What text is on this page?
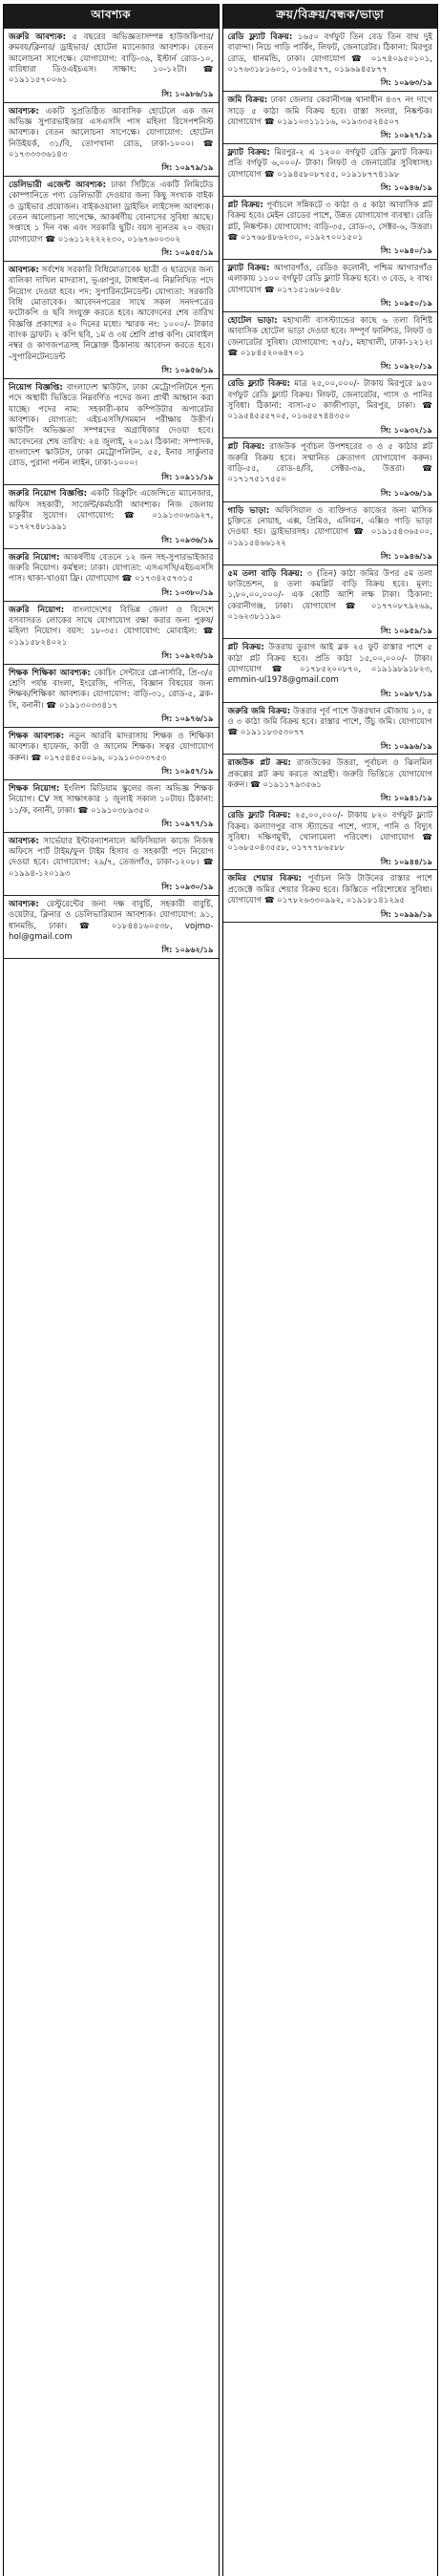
আবশ্যক
জরুরি আবশ্যক: ৫ বছরের অভিজ্ঞতাসম্পন্ন হাউজকিপার/ রুমবয়/ক্লিনার/ ড্রাইভার/ হোটেল ম্যানেজার আবশ্যক। বেতন আলোচনা সাপেক্ষে। যোগাযোগ: বাড়ি-৩৯, ইস্টার্ন রোড-১০, বারিধারা ডিওএইচএস। সাক্ষাৎ: ১০-১২টা। ☎ ০১৯১১৫৭০০৬১
সি: ১০৯৮৬/১৯
আবশ্যক: একটি সুপ্রতিষ্ঠিত আবাসিক হোটেলে এক জন অভিজ্ঞ সুপারভাইজার এসএসসি পাস মহিলা রিসেপশনিস্ট আবশ্যক। বেতন আলোচনা সাপেক্ষে। যোগাযোগ: হোটেল নিউইয়র্ক, ৩১/বি, তোপখানা রোড, ঢাকা-১০০০। ☎ ০১৭৩৩৩৩৬১৪৩
সি: ১০৯৭৯/১৯
ডেলিভারী এজেন্ট আবশ্যক: ঢাকা সিটিতে একটি লিমিটেড কোম্পানিতে পণ্য ডেলিভারী দেওয়ার জন্য কিছু সংখ্যক বাইক ও ড্রাইভার প্রয়োজন। বাইকওয়ালা ড্রাইভিং লাইসেন্স আবশ্যক। বেতন আলোচনা সাপেক্ষে, আকর্ষণীয় বোনাসের সুবিধা আছে। সপ্তাহে ১ দিন বন্ধ এবং সরকারি ছুটি। বয়স ন্যূনতম ২০ বছর। যোগাযোগ ☎ ০১৬১১২২২২২৩০, ০১৬৭৬০০৩০২
সি: ১০৯৫৫/১৯
আবশ্যক: সর্বশেষ সরকারি বিধিমোতাবেক ছাত্রী ও ছাত্রদের জন্য বালিকা দাখিল মাদরাসা, ভূঞাপুর, টাঙ্গাইল-এ নিম্নলিখিত পদে নিয়োগ দেওয়া হবে। পদ: সুপারিনটেনডেন্ট। যোগ্যতা: সরকারি বিধি মোতাবেক। আবেদনপত্রের সাথে সকল সনদপত্রের ফটোকপি ও ছবি সংযুক্ত করতে হবে। আবেদনের শেষ তারিখ বিজ্ঞপ্তি প্রকাশের ২০ দিনের মধ্যে। স্মারক নং: ১০০০/- টাকার ব্যাংক ড্রাফট। ২ কপি ছবি, ১ম ও ৩য় শ্রেণি প্রাপ্ত কপি। মোবাইল নম্বর ও কাগজপত্রসহ নিম্নোক্ত ঠিকানায় আবেদন করতে হবে। -সুপারিনটেনডেন্ট
সি: ১০৯৫৬/১৯
নিয়োগ বিজ্ঞপ্তি: বাংলাদেশ স্কাউটস, ঢাকা মেট্রোপলিটনে শূন্য পদে অস্থায়ী ভিত্তিতে নিম্নবর্ণিত পদের জন্য প্রার্থী আহ্বান করা যাচ্ছে। পদের নাম: সহকারী-কাম কম্পিউটার অপারেটর আবশ্যক। যোগ্যতা: এইচএসসি/সমমান পরীক্ষায় উত্তীর্ণ। স্কাউটিং অভিজ্ঞতা সম্পন্নদের অগ্রাধিকার দেওয়া হবে। আবেদনের শেষ তারিখ: ২৪ জুলাই, ২০১৯। ঠিকানা: সম্পাদক, বাংলাদেশ স্কাউটস, ঢাকা মেট্রোপলিটন, ৫৫, ইনার সার্কুলার রোড, পুরানা পল্টন লাইন, ঢাকা-১০০০।
সি: ১০৯১১/১৯
জরুরি নিয়োগ বিজ্ঞপ্তি: একটি রিক্রুটিং এজেন্সিতে ম্যানেজার, অফিস সহকারী, সার্জেন্ট/কর্মচারী আবশ্যক। নিজ জেলায় চাকুরীর সুযোগ। যোগাযোগ: ☎ ০১৯১৩০৬৩৯২৭, ০১৭২৭৪৮১৯৯১
সি: ১০৯৩৬/১৯
জরুরি নিয়োগ: আকর্ষণীয় বেতনে ১২ জন সহ-সুপারভাইজার জরুরি নিয়োগ। কর্মস্থল: ঢাকা। যোগ্যতা: এসএসসি/এইচএসসি পাস। থাকা-খাওয়া ফ্রি। যোগাযোগ ☎ ০১৭৩৪২৫৭৩১৫
সি: ১০৩৮০/১৯
জরুরি নিয়োগ: বাংলাদেশের বিভিন্ন জেলা ও বিদেশে বসবাসরত লোকের সাথে যোগাযোগ রক্ষা করার জন্য পুরুষ/মহিলা নিয়োগ। বয়স: ১৮-৩৫। যোগাযোগ: মোবাইল: ☎ ০১৯১৫৮২৪০২১
সি: ১০৯২৩/১৯
শিক্ষক শিক্ষিকা আবশ্যক: কোচিং সেন্টারে প্লে-নার্সারি, প্রি-৩/৫ শ্রেণি পর্যন্ত বাংলা, ইংরেজি, গণিত, বিজ্ঞান বিষয়ের জন্য শিক্ষক/শিক্ষিকা আবশ্যক। যোগাযোগ: বাড়ি-৩১, রোড-৫, ব্লক-সি, বনানী। ☎ ০১৯১৩০৩৩৪১৭
সি: ১০৯৭৬/১৯
শিক্ষক আবশ্যক: নতুন আরবি মাদরাসায় শিক্ষক ও শিক্ষিকা আবশ্যক। হাফেজ, কারী ও আলেম শিক্ষক। সত্বর যোগাযোগ করুন। ☎ ০১৭৫৪৪৫০০৯৬, ০১৯১০৩০৩৭৫৩
সি: ১০৯৫৭/১৯
শিক্ষক নিয়োগ: ইংলিশ মিডিয়াম স্কুলের জন্য অভিজ্ঞ শিক্ষক নিয়োগ। CV সহ সাক্ষাৎকার ১ জুলাই সকাল ১০টায়। ঠিকানা: ১১/ক, বনানী, ঢাকা। ☎ ০১৯১০৩৮৯৩৫০
সি: ১০৯৭৭/১৯
আবশ্যক: সার্ভেয়ার ইন্টারন্যাশনালে অফিসিয়াল কাজে নিজস্ব অফিসে পার্ট টাইম/ফুল টাইম হিসাব ও সহকারী পদে নিয়োগ দেওয়া হবে। যোগাযোগ: ২৯/৭, তেজগাঁও, ঢাকা-১২০৮। ☎ ০১৯৯৪-১২০১৯৩
সি: ১০৯৩০/১৯
আবশ্যক: রেস্টুরেন্টের জন্য দক্ষ বাবুর্চি, সহকারী বাবুর্চি, ওয়েটার, ক্লিনার ও ডেলিভারিম্যান আবশ্যক। যোগাযোগ: ৯১, ধানমন্ডি, ঢাকা। ☎ ০১৮৪৪১৬০৫৩৮, vojmo-hol@gmail.com
সি: ১০৯৬২/১৯
ক্রয়/বিক্রয়/বন্ধক/ভাড়া
রেডি ফ্ল্যাট বিক্রয়: ১৬৫০ বর্গফুট তিন বেড তিন বাথ দুই বারান্দা। নিচে গাড়ি পার্কিং, লিফট, জেনারেটর। ঠিকানা: মিরপুর রোড, ধানমন্ডি, ঢাকা। যোগাযোগ ☎ ০১৭৪০৯৫০১০১, ০১৭৬৩১৮১৬০১, ০১৬৪৫৭৭, ০১৯৬৯৪৫৮৭৭
সি: ১০৯৬৩/১৯
জমি বিক্রয়: ঢাকা জেলার কেরানীগঞ্জ থানাধীন ৪৩৭ নং দাগে সাড়ে ৫ কাঠা জমি বিক্রয় হবে। রাস্তা সংলগ্ন, নিষ্কণ্টক। যোগাযোগ ☎ ০১৯১০৩১১১১৬, ০১৯৩৩৫২৪৫০৭
সি: ১০৯২৭/১৯
ফ্ল্যাট বিক্রয়: মিরপুর-২ এ ১২০০ বর্গফুট রেডি ফ্ল্যাট বিক্রয়। প্রতি বর্গফুট ৬,০০০/- টাকা। লিফট ও জেনারেটর সুবিধাসহ। যোগাযোগ ☎ ০১৯৪৫৮০৮৭৫৫, ০১৯১৮৭৭৪১৯৮
সি: ১০৯৪৬/১৯
প্লট বিক্রয়: পূর্বাচলে সন্নিকটে ৩ কাঠা ও ৫ কাঠা আবাসিক প্লট বিক্রয় হবে। মেইন রোডের পাশে, উন্নত যোগাযোগ ব্যবস্থা। রেডি প্লট, নিষ্কণ্টক। যোগাযোগ: বাড়ি-৩৫, রোড-৩, সেক্টর-৬, উত্তরা। ☎ ০১৭৬৮৪৮৬২৩০, ০১৯২৭০০১৫০১
সি: ১০৯৪০/১৯
ফ্ল্যাট বিক্রয়: আগারগাঁও, রেডিও কলোনী, পশ্চিম আগারগাঁও এলাকায় ১১০০ বর্গফুট রেডি ফ্ল্যাট বিক্রয় হবে। ৩ বেড, ২ বাথ। যোগাযোগ ☎ ০১৭১৫১৬৮০৫৪৮
সি: ১০৯৫০/১৯
হোটেল ভাড়া: মহাখালী বাসস্ট্যান্ডের কাছে ৬ তলা বিশিষ্ট আবাসিক হোটেল ভাড়া দেওয়া হবে। সম্পূর্ণ ফার্নিশড, লিফট ও জেনারেটর সুবিধা। যোগাযোগ: ৭৫/১, মহাখালী, ঢাকা-১২১২। ☎ ০১৮৪৫২০৬৪৭০১
সি: ১০৯২০/১৯
রেডি ফ্ল্যাট বিক্রয়: মাত্র ২৫,০০,০০০/- টাকায় মিরপুরে ৯৫০ বর্গফুট রেডি ফ্ল্যাট বিক্রয়। লিফট, জেনারেটর, গ্যাস ও পানির সুবিধা। ঠিকানা: বাসা-৫০ কাজীপাড়া, মিরপুর, ঢাকা। ☎ ০১৯৫৪৫৫৫৭০৫, ০১৬৫৫৭৪৪৩৫০
সি: ১০৯৩২/১৯
প্লট বিক্রয়: রাজউক পূর্বাচল উপশহরের ৩ ও ৫ কাঠার প্লট জরুরি বিক্রয় হবে। সম্মানিত ক্রেতাগণ যোগাযোগ করুন। বাড়ি-৫৫, রোড-৪/বি, সেক্টর-৩৯, উত্তরা। ☎ ০১৭১৭৫১৭৫৫০
সি: ১০৯৩৬/১৯
গাড়ি ভাড়া: অফিসিয়াল ও ব্যক্তিগত কাজের জন্য মাসিক চুক্তিতে নোয়াহ, এক্স, প্রিমিও, এলিয়ন, এক্সিও গাড়ি ভাড়া দেওয়া হয়। ড্রাইভারসহ। যোগাযোগ ☎ ০১৯১৫৪৩৬৫০০, ০১৯১৫৪৬৬১২২
সি: ১০৯৪৬/১৯
৫ম তলা বাড়ি বিক্রয়: ৩ (তিন) কাঠা জমির উপর ৫ম তলা ফাউন্ডেশন, ৪ তলা কমপ্লিট বাড়ি বিক্রয় হবে। মূল্য: ১,৮০,০০,০০০/- এক কোটি আশি লক্ষ টাকা। ঠিকানা: কেরানীগঞ্জ, ঢাকা। যোগাযোগ ☎ ০১৭৭০৮৭৯২৬৯, ০১৬২৩৮১১৯০
সি: ১০৯৫৯/১৯
প্লট বিক্রয়: উত্তরায় তুরাগ আই ব্লক ২৫ ফুট রাস্তার পাশে ৫ কাঠা প্লট বিক্রয় হবে। প্রতি কাঠা ১৫,০০,০০০/- টাকা। যোগাযোগ ☎ ০১৭৮৫২০০৮৭০, ০১৯১৯৮৯১৮২৩, emmin-ul1978@gmail.com
সি: ১০৯৮৭/১৯
জরুরি জমি বিক্রয়: উত্তরার পূর্ব পাশে উত্তরখান মৌজায় ১০, ৫ ও ৩ কাঠা জমি বিক্রয় হবে। রাস্তার পাশে, উঁচু জমি। যোগাযোগ ☎ ০১৯১১৮৩৫৩০৭৭
সি: ১০৯৯৬/১৯
রাজউক প্লট ক্রয়: রাজউকের উত্তরা, পূর্বাচল ও ঝিলমিল প্রকল্পের প্লট ক্রয় করতে আগ্রহী। জরুরি ভিত্তিতে যোগাযোগ করুন। ☎ ০১৯১১৭৯৩৫৬১
সি: ১০৯৪১/১৯
রেডি ফ্ল্যাট বিক্রয়: ২৫,০০,০০০/- টাকায় ৮২০ বর্গফুট ফ্ল্যাট বিক্রয়। কল্যাণপুর বাস স্ট্যান্ডের পাশে, গ্যাস, পানি ও বিদ্যুৎ সুবিধা। দক্ষিণমুখী, খোলামেলা পরিবেশ। যোগাযোগ ☎ ০১৬৮৫০৪৩৫৫৮, ০১৭৭৭৮৬৫৮৮
সি: ১০৯৪৪/১৯
জমির শেয়ার বিক্রয়: পূর্বাচল নিউ টাউনের রাস্তার পাশে প্রজেক্টে জমির শেয়ার বিক্রয় হবে। কিস্তিতে পরিশোধের সুবিধা। যোগাযোগ ☎ ০১৭৮২৬৩৩০৯৯২, ০১৯১৮১৪১২৯৫
সি: ১০৯৯৯/১৯
